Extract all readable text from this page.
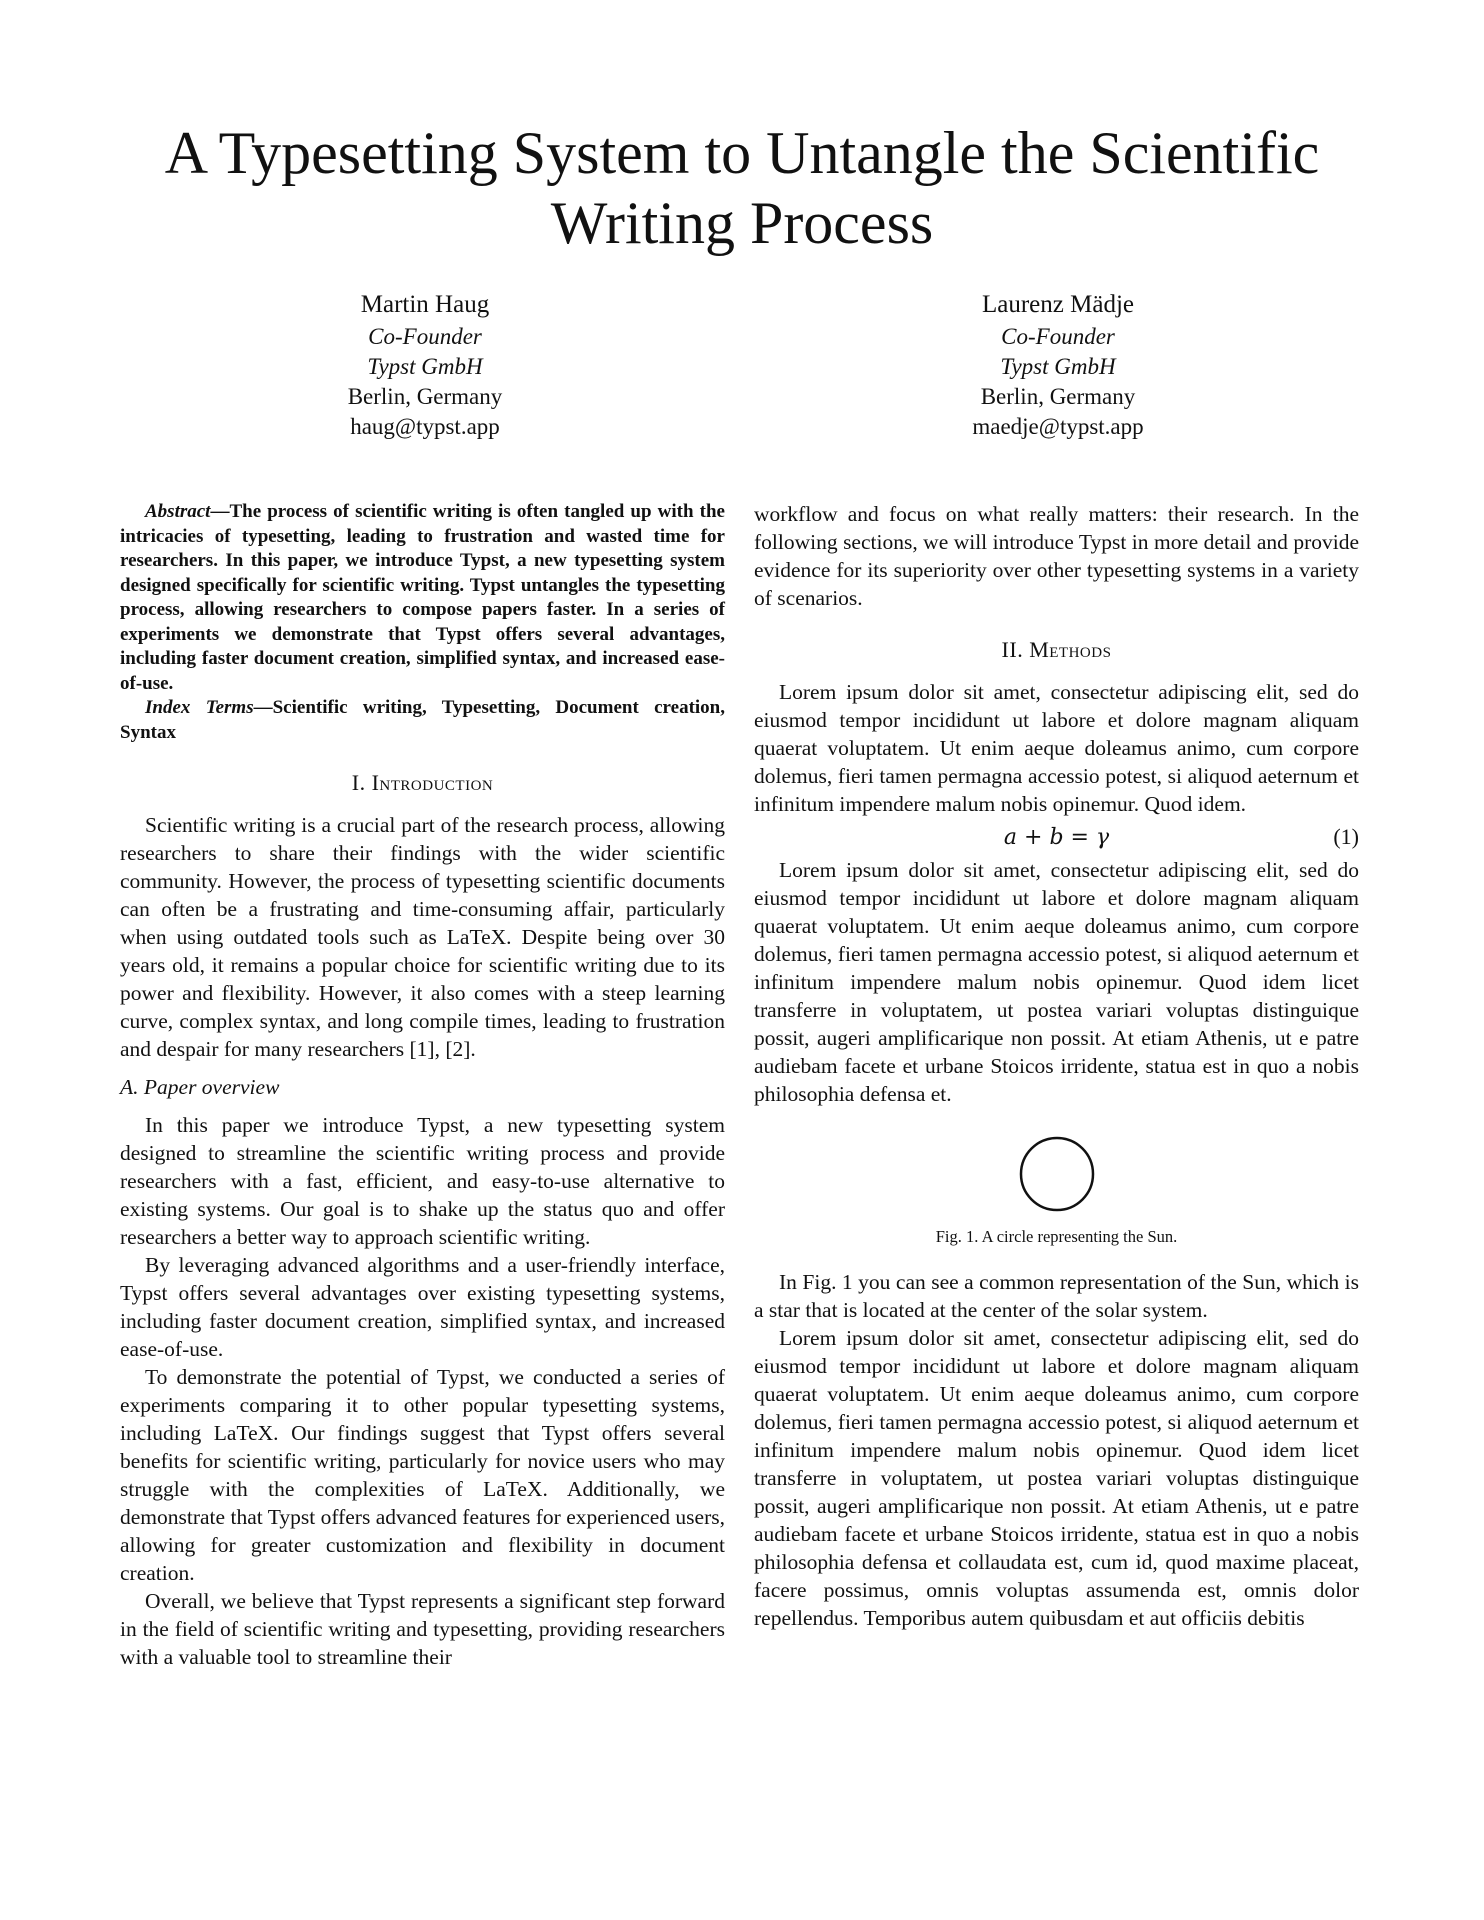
A Typesetting System to Untangle the Scientific Writing Process
Martin Haug
Co-Founder
Typst GmbH
Berlin, Germany
haug@typst.app
Laurenz Mädje
Co-Founder
Typst GmbH
Berlin, Germany
maedje@typst.app

Abstract—The process of scientific writing is often tangled up with the intricacies of typesetting, leading to frustration and wasted time for researchers. In this paper, we introduce Typst, a new typesetting system designed specifically for scientific writing. Typst untangles the typesetting process, allowing researchers to compose papers faster. In a series of experiments we demonstrate that Typst offers several advantages, including faster document creation, simplified syntax, and increased ease-of-use.

Index Terms—Scientific writing, Typesetting, Document creation, Syntax

I. Introduction

Scientific writing is a crucial part of the research process, allowing researchers to share their findings with the wider scientific community. However, the process of typesetting scientific documents can often be a frustrating and time-consuming affair, particularly when using outdated tools such as LaTeX. Despite being over 30 years old, it remains a popular choice for scientific writing due to its power and flexibility. However, it also comes with a steep learning curve, complex syntax, and long compile times, leading to frustration and despair for many researchers [1], [2].

A. Paper overview

In this paper we introduce Typst, a new typesetting system designed to streamline the scientific writing process and provide researchers with a fast, efficient, and easy-to-use alternative to existing systems. Our goal is to shake up the status quo and offer researchers a better way to approach scientific writing.

By leveraging advanced algorithms and a user-friendly interface, Typst offers several advantages over existing typesetting systems, including faster document creation, simplified syntax, and increased ease-of-use.

To demonstrate the potential of Typst, we conducted a series of experiments comparing it to other popular typesetting systems, including LaTeX. Our findings suggest that Typst offers several benefits for scientific writing, particularly for novice users who may struggle with the complexities of LaTeX. Additionally, we demonstrate that Typst offers advanced features for experienced users, allowing for greater customization and flexibility in document creation.

Overall, we believe that Typst represents a significant step forward in the field of scientific writing and typesetting, providing researchers with a valuable tool to streamline their

workflow and focus on what really matters: their research. In the following sections, we will introduce Typst in more detail and provide evidence for its superiority over other typesetting systems in a variety of scenarios.

II. Methods

Lorem ipsum dolor sit amet, consectetur adipiscing elit, sed do eiusmod tempor incididunt ut labore et dolore magnam aliquam quaerat voluptatem. Ut enim aeque doleamus animo, cum corpore dolemus, fieri tamen permagna accessio potest, si aliquod aeternum et infinitum impendere malum nobis opinemur. Quod idem.

a + b = γ	(1)

Lorem ipsum dolor sit amet, consectetur adipiscing elit, sed do eiusmod tempor incididunt ut labore et dolore magnam aliquam quaerat voluptatem. Ut enim aeque doleamus animo, cum corpore dolemus, fieri tamen permagna accessio potest, si aliquod aeternum et infinitum impendere malum nobis opinemur. Quod idem licet transferre in voluptatem, ut postea variari voluptas distinguique possit, augeri amplificarique non possit. At etiam Athenis, ut e patre audiebam facete et urbane Stoicos irridente, statua est in quo a nobis philosophia defensa et.

Fig. 1. A circle representing the Sun.

In Fig. 1 you can see a common representation of the Sun, which is a star that is located at the center of the solar system.

Lorem ipsum dolor sit amet, consectetur adipiscing elit, sed do eiusmod tempor incididunt ut labore et dolore magnam aliquam quaerat voluptatem. Ut enim aeque doleamus animo, cum corpore dolemus, fieri tamen permagna accessio potest, si aliquod aeternum et infinitum impendere malum nobis opinemur. Quod idem licet transferre in voluptatem, ut postea variari voluptas distinguique possit, augeri amplificarique non possit. At etiam Athenis, ut e patre audiebam facete et urbane Stoicos irridente, statua est in quo a nobis philosophia defensa et collaudata est, cum id, quod maxime placeat, facere possimus, omnis voluptas assumenda est, omnis dolor repellendus. Temporibus autem quibusdam et aut officiis debitis
